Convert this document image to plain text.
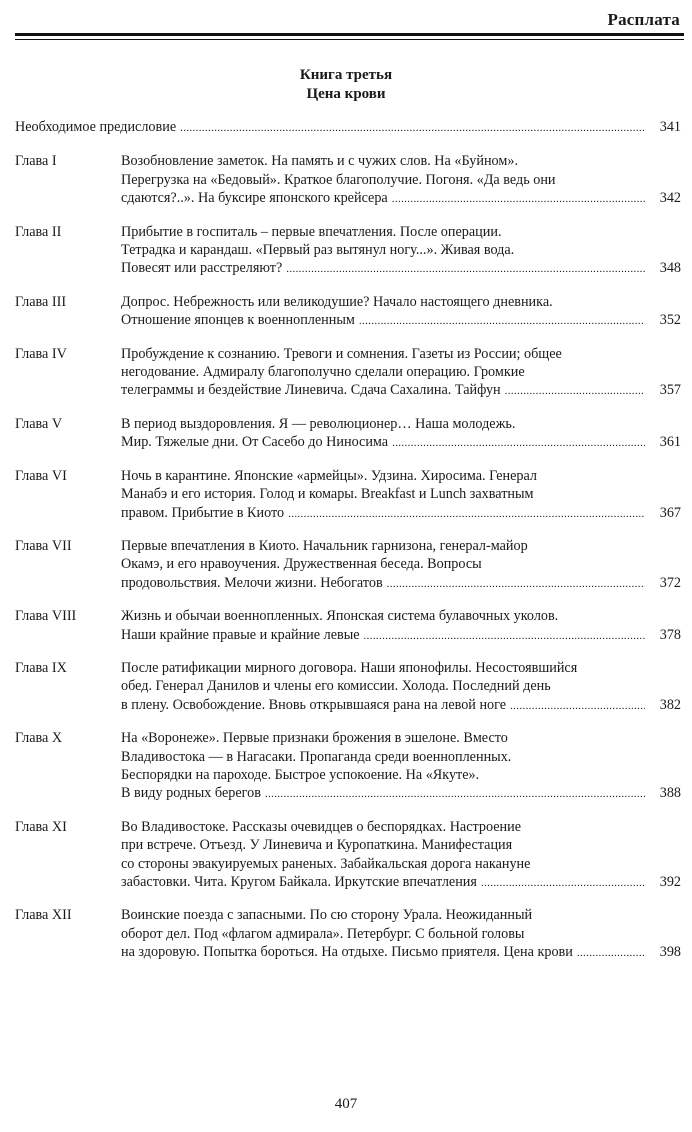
Расплата
Книга третья
Цена крови
Необходимое предисловие . . .	341
Глава I	Возобновление заметок. На память и с чужих слов. На «Буйном».
Перегрузка на «Бедовый». Краткое благополучие. Погоня. «Да ведь они
сдаются?..». На буксире японского крейсера . . .	342
Глава II	Прибытие в госпиталь – первые впечатления. После операции.
Тетрадка и карандаш. «Первый раз вытянул ногу...». Живая вода.
Повесят или расстреляют? . . .	348
Глава III	Допрос. Небрежность или великодушие? Начало настоящего дневника.
Отношение японцев к военнопленным . . .	352
Глава IV	Пробуждение к сознанию. Тревоги и сомнения. Газеты из России; общее
негодование. Адмиралу благополучно сделали операцию. Громкие
телеграммы и бездействие Линевича. Сдача Сахалина. Тайфун . . .	357
Глава V	В период выздоровления. Я — революционер… Наша молодежь.
Мир. Тяжелые дни. От Сасебо до Ниносима . . .	361
Глава VI	Ночь в карантине. Японские «армейцы». Удзина. Хиросима. Генерал
Манабэ и его история. Голод и комары. Breakfast и Lunch захватным
правом. Прибытие в Киото . . .	367
Глава VII	Первые впечатления в Киото. Начальник гарнизона, генерал-майор
Окамэ, и его нравоучения. Дружественная беседа. Вопросы
продовольствия. Мелочи жизни. Небогатов . . .	372
Глава VIII	Жизнь и обычаи военнопленных. Японская система булавочных уколов.
Наши крайние правые и крайние левые . . .	378
Глава IX	После ратификации мирного договора. Наши японофилы. Несостоявшийся
обед. Генерал Данилов и члены его комиссии. Холода. Последний день
в плену. Освобождение. Вновь открывшаяся рана на левой ноге . . .	382
Глава X	На «Воронеже». Первые признаки брожения в эшелоне. Вместо
Владивостока — в Нагасаки. Пропаганда среди военнопленных.
Беспорядки на пароходе. Быстрое успокоение. На «Якуте».
В виду родных берегов . . .	388
Глава XI	Во Владивостоке. Рассказы очевидцев о беспорядках. Настроение
при встрече. Отъезд. У Линевича и Куропаткина. Манифестация
со стороны эвакуируемых раненых. Забайкальская дорога накануне
забастовки. Чита. Кругом Байкала. Иркутские впечатления . . .	392
Глава XII	Воинские поезда с запасными. По сю сторону Урала. Неожиданный
оборот дел. Под «флагом адмирала». Петербург. С больной головы
на здоровую. Попытка бороться. На отдыхе. Письмо приятеля. Цена крови . . .	398
407
